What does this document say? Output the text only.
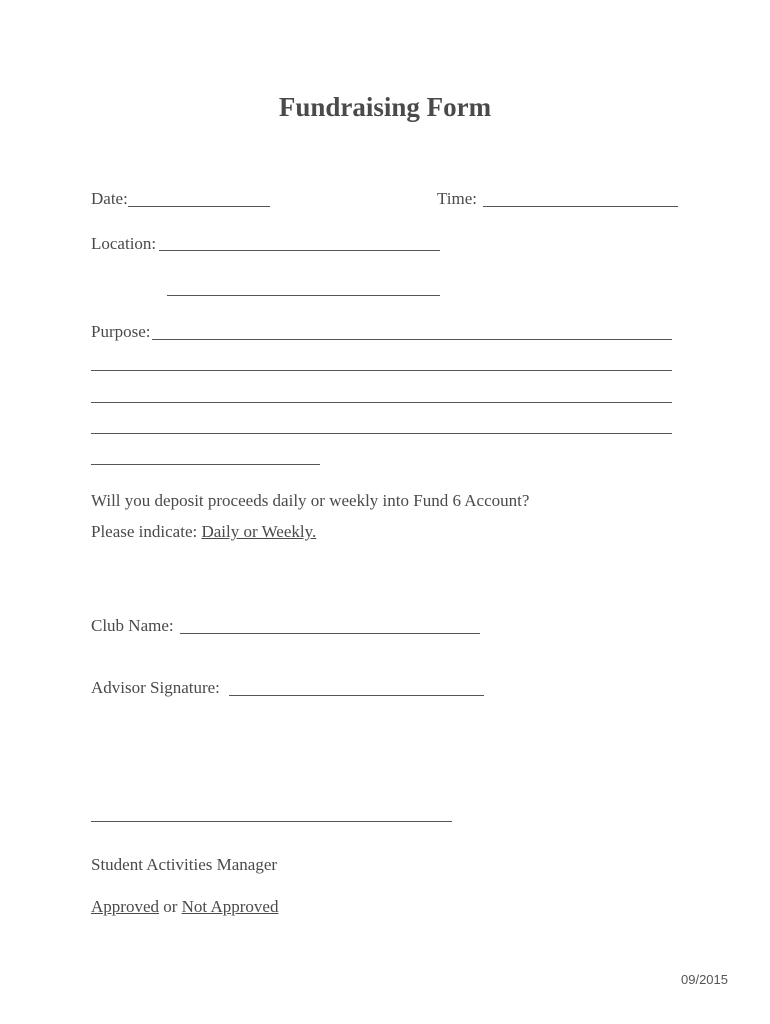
Fundraising Form
Date:	Time:
Location:
Purpose:
Will you deposit proceeds daily or weekly into Fund 6 Account?
Please indicate: Daily or Weekly.
Club Name:
Advisor Signature:
Student Activities Manager
Approved or Not Approved
09/2015
